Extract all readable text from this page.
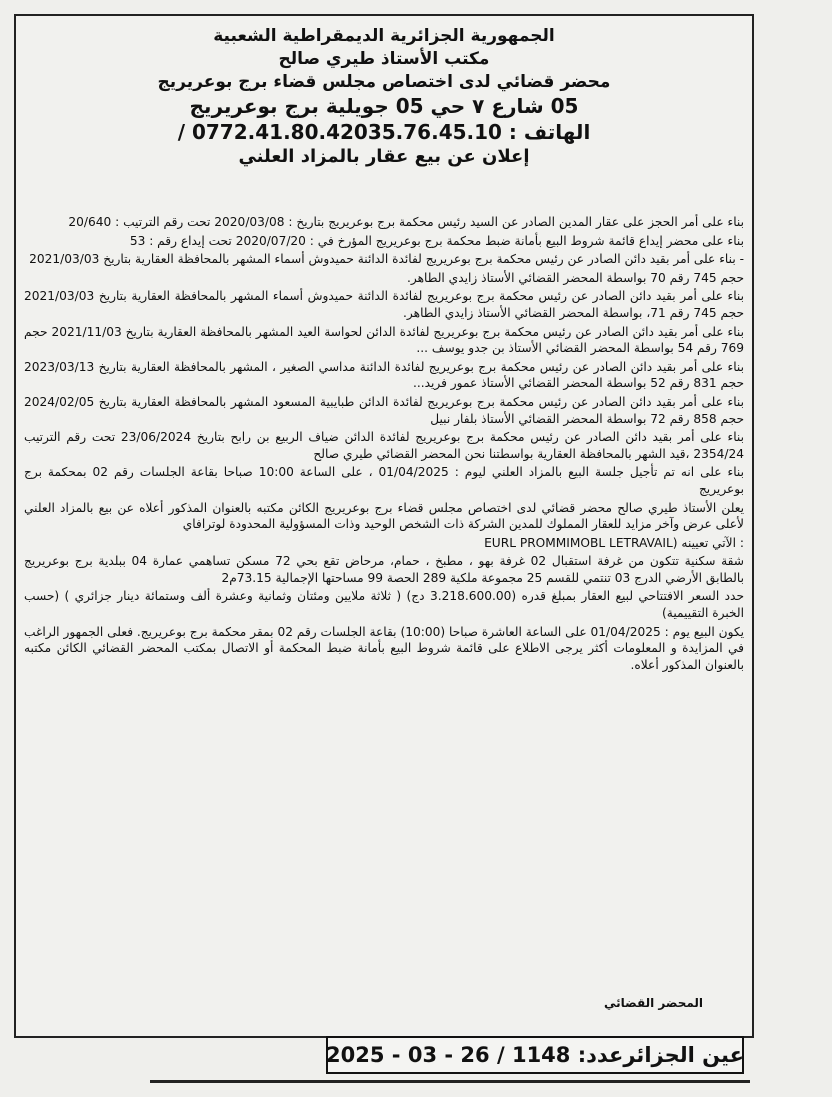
الجمهورية الجزائرية الديمقراطية الشعبية
مكتب الأستاذ طيري صالح
محضر قضائي لدى اختصاص مجلس قضاء برج بوعريريج
05 شارع ٧ حي 05 جويلية برج بوعريريج
الهاتف : 0772.41.80.42035.76.45.10 /
إعلان عن بيع عقار بالمزاد العلني

بناء على أمر الحجز على عقار المدين الصادر عن السيد رئيس محكمة برج بوعريريج بتاريخ : 2020/03/08 تحت رقم الترتيب : 20/640

بناء على محضر إيداع قائمة شروط البيع بأمانة ضبط محكمة برج بوعريريج المؤرخ في : 2020/07/20 تحت إيداع رقم : 53

- بناء على أمر بقيد دائن الصادر عن رئيس محكمة برج بوعريريج لفائدة الدائنة حميدوش أسماء المشهر بالمحافظة العقارية بتاريخ 2021/03/03

حجم 745 رقم 70 بواسطة المحضر القضائي الأستاذ زايدي الطاهر.

بناء على أمر بقيد دائن الصادر عن رئيس محكمة برج بوعريريج لفائدة الدائنة حميدوش أسماء المشهر بالمحافظة العقارية بتاريخ 2021/03/03 حجم 745 رقم 71، بواسطة المحضر القضائي الأستاذ زايدي الطاهر.

بناء على أمر بقيد دائن الصادر عن رئيس محكمة برج بوعريريج لفائدة الدائن لحواسة العيد المشهر بالمحافظة العقارية بتاريخ 2021/11/03 حجم 769 رقم 54 بواسطة المحضر القضائي الأستاذ بن جدو يوسف ...

بناء على أمر بقيد دائن الصادر عن رئيس محكمة برج بوعريريج لفائدة الدائنة مداسي الصغير ، المشهر بالمحافظة العقارية بتاريخ 2023/03/13 حجم 831 رقم 52 بواسطة المحضر القضائي الأستاذ عمور فريد...

بناء على أمر بقيد دائن الصادر عن رئيس محكمة برج بوعريريج لفائدة الدائن طبايبية المسعود المشهر بالمحافظة العقارية بتاريخ 2024/02/05 حجم 858 رقم 72 بواسطة المحضر القضائي الأستاذ بلفار نبيل

بناء على أمر بقيد دائن الصادر عن رئيس محكمة برج بوعريريج لفائدة الدائن ضياف الربيع بن رابح بتاريخ 23/06/2024 تحت رقم الترتيب 2354/24 ،قيد الشهر بالمحافظة العقارية بواسطتنا نحن المحضر القضائي طيري صالح

بناء على انه تم تأجيل جلسة البيع بالمزاد العلني ليوم : 01/04/2025 ، على الساعة 10:00 صباحا بقاعة الجلسات رقم 02 بمحكمة برج بوعريريج

يعلن الأستاذ طيري صالح محضر قضائي لدى اختصاص مجلس قضاء برج بوعريريج الكائن مكتبه بالعنوان المذكور أعلاه عن بيع بالمزاد العلني لأعلى عرض وآخر مزايد للعقار المملوك للمدين الشركة ذات الشخص الوحيد وذات المسؤولية المحدودة لوترافاي

: الآتي تعيينه (EURL PROMMIMOBL LETRAVAIL

شقة سكنية تتكون من غرفة استقبال 02 غرفة بهو ، مطبخ ، حمام، مرحاض تقع بحي 72 مسكن تساهمي عمارة 04 ببلدية برج بوعريريج بالطابق الأرضي الدرج 03 تنتمي للقسم 25 مجموعة ملكية 289 الحصة 99 مساحتها الإجمالية 73.15م2

حدد السعر الافتتاحي لبيع العقار بمبلغ قدره (3.218.600.00 دج) ( ثلاثة ملايين ومئتان وثمانية وعشرة ألف وستمائة دينار جزائري ) (حسب الخبرة التقييمية)

يكون البيع يوم : 01/04/2025 على الساعة العاشرة صباحا (10:00) بقاعة الجلسات رقم 02 بمقر محكمة برج بوعريريج. فعلى الجمهور الراغب في المزايدة و المعلومات أكثر يرجى الاطلاع على قائمة شروط البيع بأمانة ضبط المحكمة أو الاتصال بمكتب المحضر القضائي الكائن مكتبه بالعنوان المذكور أعلاه.

المحضر القضائي
عين الجزائرعدد: 1148 / 26 - 03 - 2025
